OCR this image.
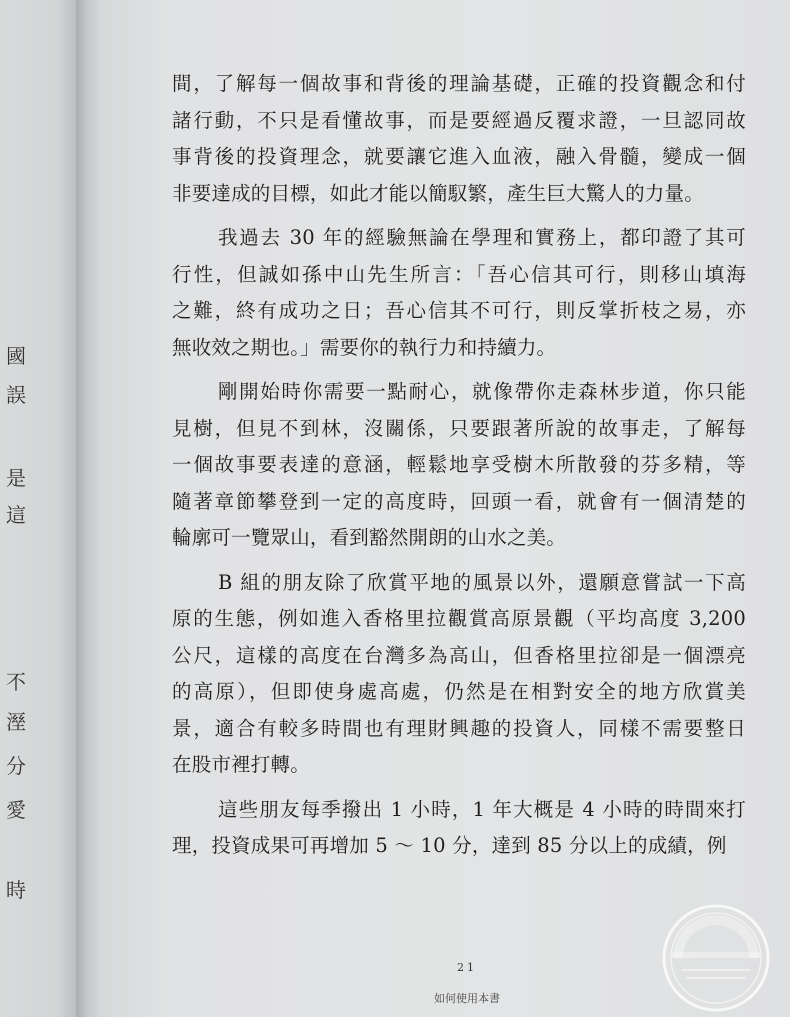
國
誤
是
這
不
溼
分
愛
時
間，了解每一個故事和背後的理論基礎，正確的投資觀念和付
諸行動，不只是看懂故事，而是要經過反覆求證，一旦認同故
事背後的投資理念，就要讓它進入血液，融入骨髓，變成一個
非要達成的目標，如此才能以簡馭繁，產生巨大驚人的力量。
我過去 30 年的經驗無論在學理和實務上，都印證了其可
行性，但誠如孫中山先生所言：「吾心信其可行，則移山填海
之難，終有成功之日；吾心信其不可行，則反掌折枝之易，亦
無收效之期也。」需要你的執行力和持續力。
剛開始時你需要一點耐心，就像帶你走森林步道，你只能
見樹，但見不到林，沒關係，只要跟著所說的故事走，了解每
一個故事要表達的意涵，輕鬆地享受樹木所散發的芬多精，等
隨著章節攀登到一定的高度時，回頭一看，就會有一個清楚的
輪廓可一覽眾山，看到豁然開朗的山水之美。
B 組的朋友除了欣賞平地的風景以外，還願意嘗試一下高
原的生態，例如進入香格里拉觀賞高原景觀（平均高度 3,200
公尺，這樣的高度在台灣多為高山，但香格里拉卻是一個漂亮
的高原），但即使身處高處，仍然是在相對安全的地方欣賞美
景，適合有較多時間也有理財興趣的投資人，同樣不需要整日
在股市裡打轉。
這些朋友每季撥出 1 小時，1 年大概是 4 小時的時間來打
理，投資成果可再增加 5 ～ 10 分，達到 85 分以上的成績，例
21
如何使用本書
